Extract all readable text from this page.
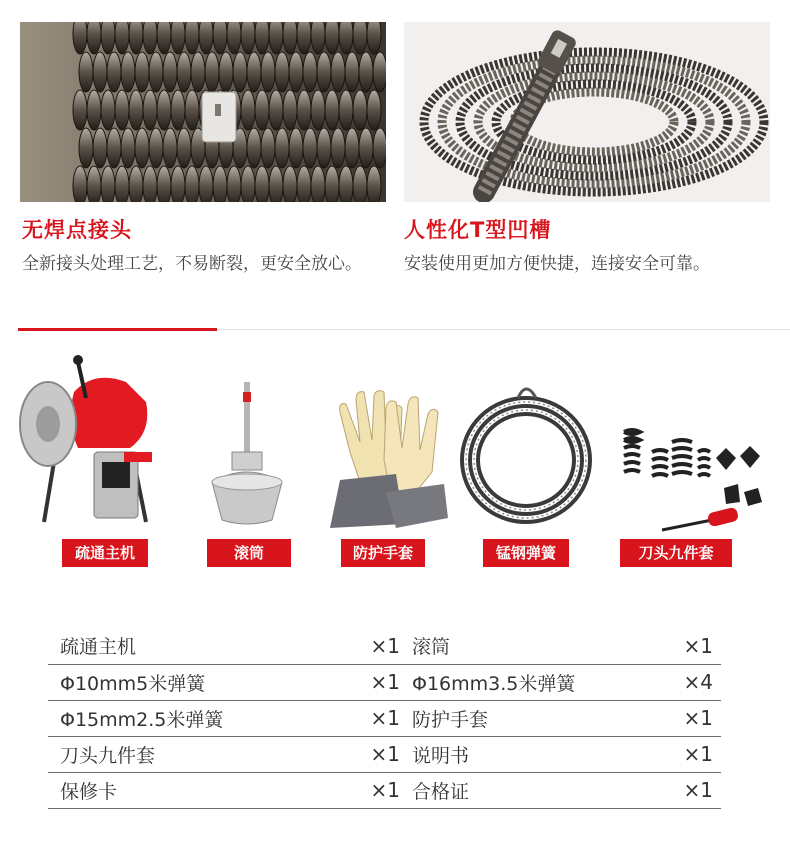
无焊点接头
全新接头处理工艺，不易断裂，更安全放心。
人性化T型凹槽
安装使用更加方便快捷，连接安全可靠。
疏通主机	滚筒	防护手套	锰钢弹簧	刀头九件套
疏通主机	×1	滚筒	×1
Φ10mm5米弹簧	×1	Φ16mm3.5米弹簧	×4
Φ15mm2.5米弹簧	×1	防护手套	×1
刀头九件套	×1	说明书	×1
保修卡	×1	合格证	×1
